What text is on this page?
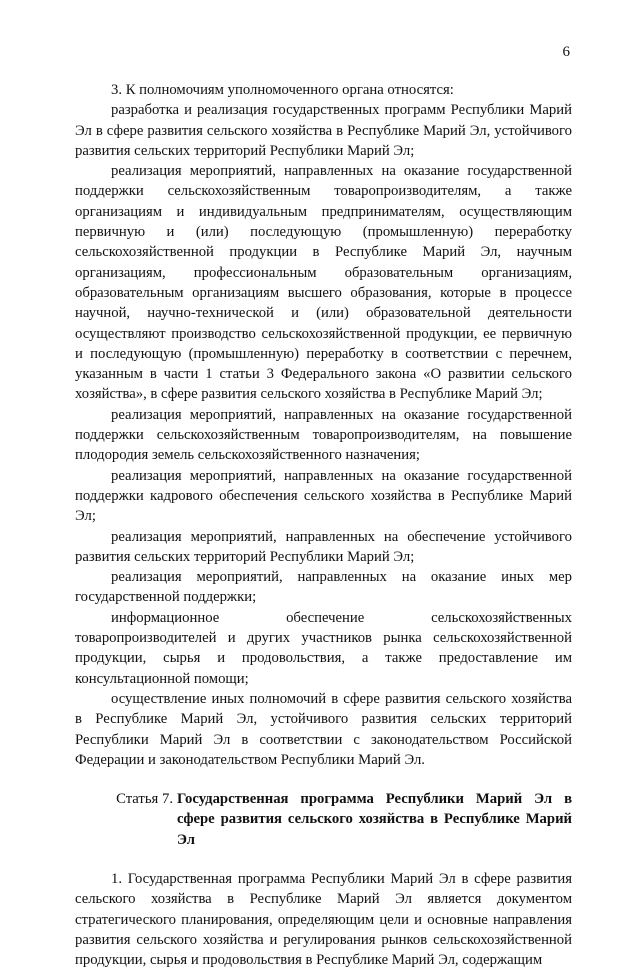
6

3. К полномочиям уполномоченного органа относятся:

разработка и реализация государственных программ Республики Марий Эл в сфере развития сельского хозяйства в Республике Марий Эл, устойчивого развития сельских территорий Республики Марий Эл;

реализация мероприятий, направленных на оказание государственной поддержки сельскохозяйственным товаропроизводителям, а также организациям и индивидуальным предпринимателям, осуществляющим первичную и (или) последующую (промышленную) переработку сельскохозяйственной продукции в Республике Марий Эл, научным организациям, профессиональным образовательным организациям, образовательным организациям высшего образования, которые в процессе научной, научно-технической и (или) образовательной деятельности осуществляют производство сельскохозяйственной продукции, ее первичную и последующую (промышленную) переработку в соответствии с перечнем, указанным в части 1 статьи 3 Федерального закона «О развитии сельского хозяйства», в сфере развития сельского хозяйства в Республике Марий Эл;

реализация мероприятий, направленных на оказание государственной поддержки сельскохозяйственным товаропроизводителям, на повышение плодородия земель сельскохозяйственного назначения;

реализация мероприятий, направленных на оказание государственной поддержки кадрового обеспечения сельского хозяйства в Республике Марий Эл;

реализация мероприятий, направленных на обеспечение устойчивого развития сельских территорий Республики Марий Эл;

реализация мероприятий, направленных на оказание иных мер государственной поддержки;

информационное обеспечение сельскохозяйственных товаропроизводителей и других участников рынка сельскохозяйственной продукции, сырья и продовольствия, а также предоставление им консультационной помощи;

осуществление иных полномочий в сфере развития сельского хозяйства в Республике Марий Эл, устойчивого развития сельских территорий Республики Марий Эл в соответствии с законодательством Российской Федерации и законодательством Республики Марий Эл.

Статья 7. Государственная программа Республики Марий Эл в сфере развития сельского хозяйства в Республике Марий Эл

1. Государственная программа Республики Марий Эл в сфере развития сельского хозяйства в Республике Марий Эл является документом стратегического планирования, определяющим цели и основные направления развития сельского хозяйства и регулирования рынков сельскохозяйственной продукции, сырья и продовольствия в Республике Марий Эл, содержащим
